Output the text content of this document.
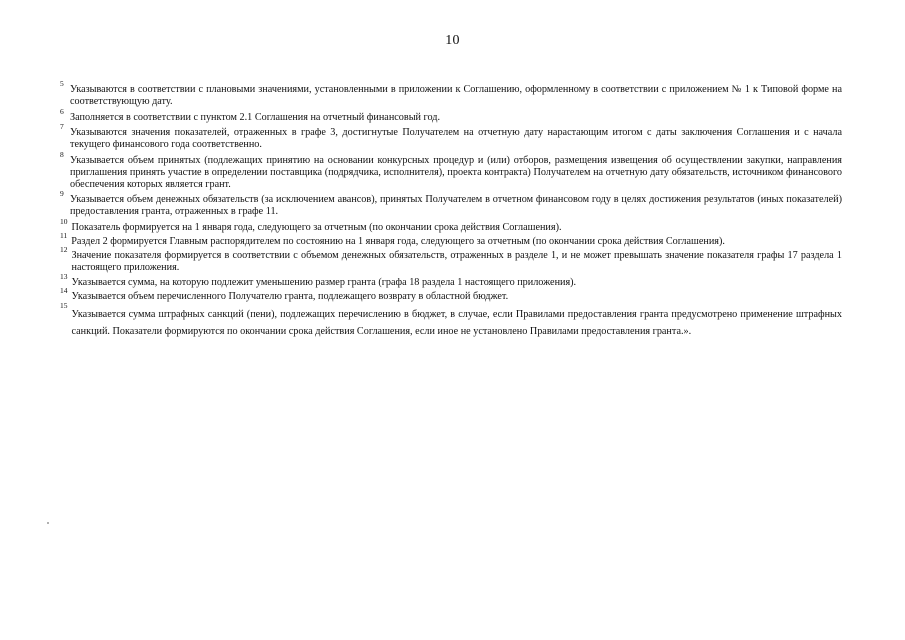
10
5
Указываются в соответствии с плановыми значениями, установленными в приложении к Соглашению, оформленному в соответствии с приложением № 1 к Типовой форме на соответствующую дату.
6
Заполняется в соответствии с пунктом 2.1 Соглашения на отчетный финансовый год.
7
Указываются значения показателей, отраженных в графе 3, достигнутые Получателем на отчетную дату нарастающим итогом с даты заключения Соглашения и с начала текущего финансового года соответственно.
8
Указывается объем принятых (подлежащих принятию на основании конкурсных процедур и (или) отборов, размещения извещения об осуществлении закупки, направления приглашения принять участие в определении поставщика (подрядчика, исполнителя), проекта контракта) Получателем на отчетную дату обязательств, источником финансового обеспечения которых является грант.
9
Указывается объем денежных обязательств (за исключением авансов), принятых Получателем в отчетном финансовом году в целях достижения результатов (иных показателей) предоставления гранта, отраженных в графе 11.
10
Показатель формируется на 1 января года, следующего за отчетным (по окончании срока действия Соглашения).
11
Раздел 2 формируется Главным распорядителем по состоянию на 1 января года, следующего за отчетным (по окончании срока действия Соглашения).
12
Значение показателя формируется в соответствии с объемом денежных обязательств, отраженных в разделе 1, и не может превышать значение показателя графы 17 раздела 1 настоящего приложения.
13
Указывается сумма, на которую подлежит уменьшению размер гранта (графа 18 раздела 1 настоящего приложения).
14
Указывается объем перечисленного Получателю гранта, подлежащего возврату в областной бюджет.
15
Указывается сумма штрафных санкций (пени), подлежащих перечислению в бюджет, в случае, если Правилами предоставления гранта предусмотрено применение штрафных санкций. Показатели формируются по окончании срока действия Соглашения, если иное не установлено Правилами предоставления гранта.».
